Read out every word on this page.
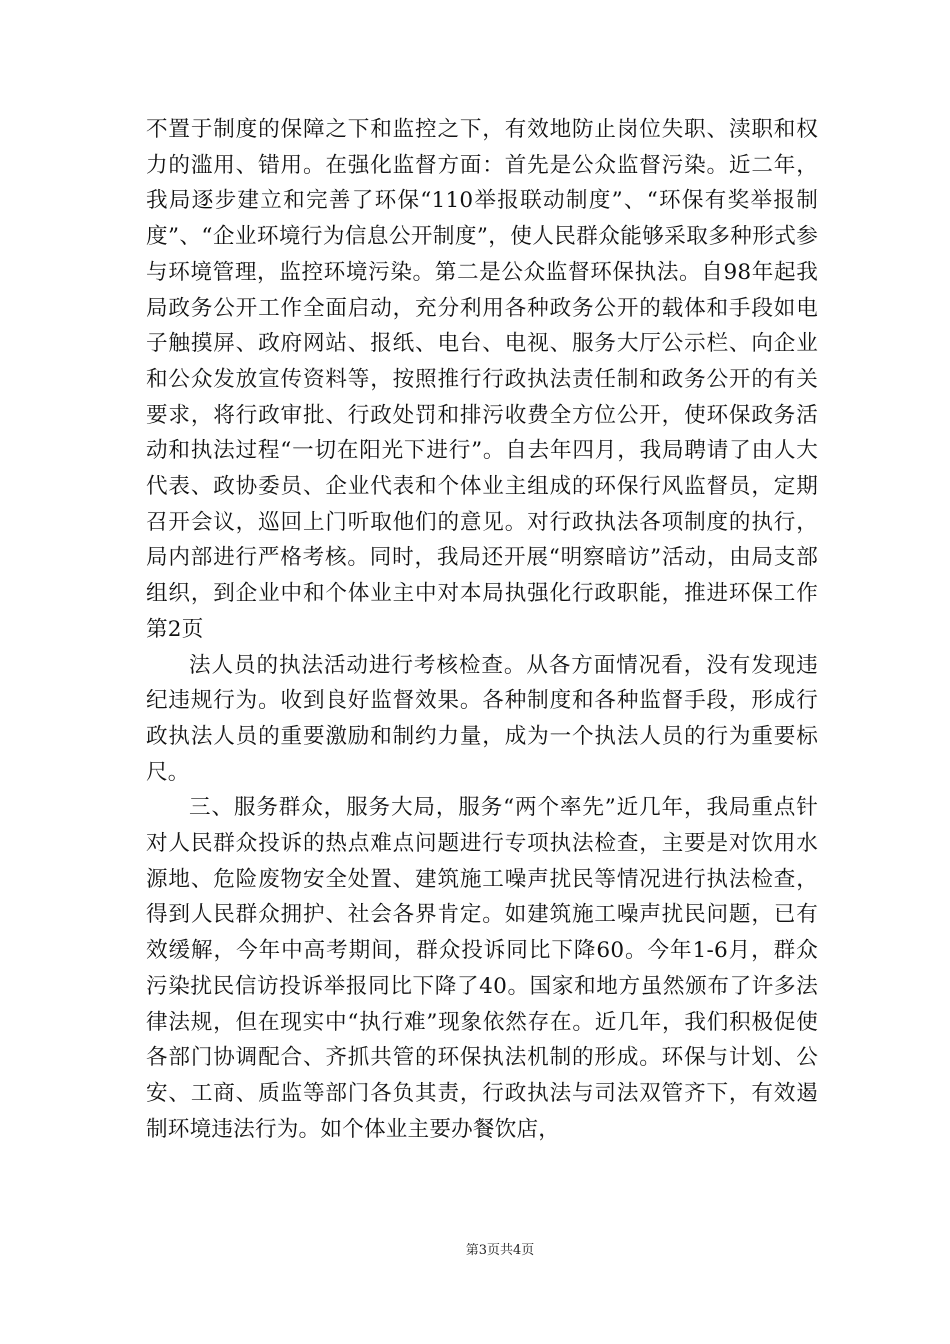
不置于制度的保障之下和监控之下，有效地防止岗位失职、渎职和权力的滥用、错用。在强化监督方面：首先是公众监督污染。近二年，我局逐步建立和完善了环保“110举报联动制度”、“环保有奖举报制度”、“企业环境行为信息公开制度”，使人民群众能够采取多种形式参与环境管理，监控环境污染。第二是公众监督环保执法。自98年起我局政务公开工作全面启动，充分利用各种政务公开的载体和手段如电子触摸屏、政府网站、报纸、电台、电视、服务大厅公示栏、向企业和公众发放宣传资料等，按照推行行政执法责任制和政务公开的有关要求，将行政审批、行政处罚和排污收费全方位公开，使环保政务活动和执法过程“一切在阳光下进行”。自去年四月，我局聘请了由人大代表、政协委员、企业代表和个体业主组成的环保行风监督员，定期召开会议，巡回上门听取他们的意见。对行政执法各项制度的执行，局内部进行严格考核。同时，我局还开展“明察暗访”活动，由局支部组织，到企业中和个体业主中对本局执强化行政职能，推进环保工作第2页

法人员的执法活动进行考核检查。从各方面情况看，没有发现违纪违规行为。收到良好监督效果。各种制度和各种监督手段，形成行政执法人员的重要激励和制约力量，成为一个执法人员的行为重要标尺。

三、服务群众，服务大局，服务“两个率先”近几年，我局重点针对人民群众投诉的热点难点问题进行专项执法检查，主要是对饮用水源地、危险废物安全处置、建筑施工噪声扰民等情况进行执法检查，得到人民群众拥护、社会各界肯定。如建筑施工噪声扰民问题，已有效缓解，今年中高考期间，群众投诉同比下降60。今年1-6月，群众污染扰民信访投诉举报同比下降了40。国家和地方虽然颁布了许多法律法规，但在现实中“执行难”现象依然存在。近几年，我们积极促使各部门协调配合、齐抓共管的环保执法机制的形成。环保与计划、公安、工商、质监等部门各负其责，行政执法与司法双管齐下，有效遏制环境违法行为。如个体业主要办餐饮店，

第3页共4页
